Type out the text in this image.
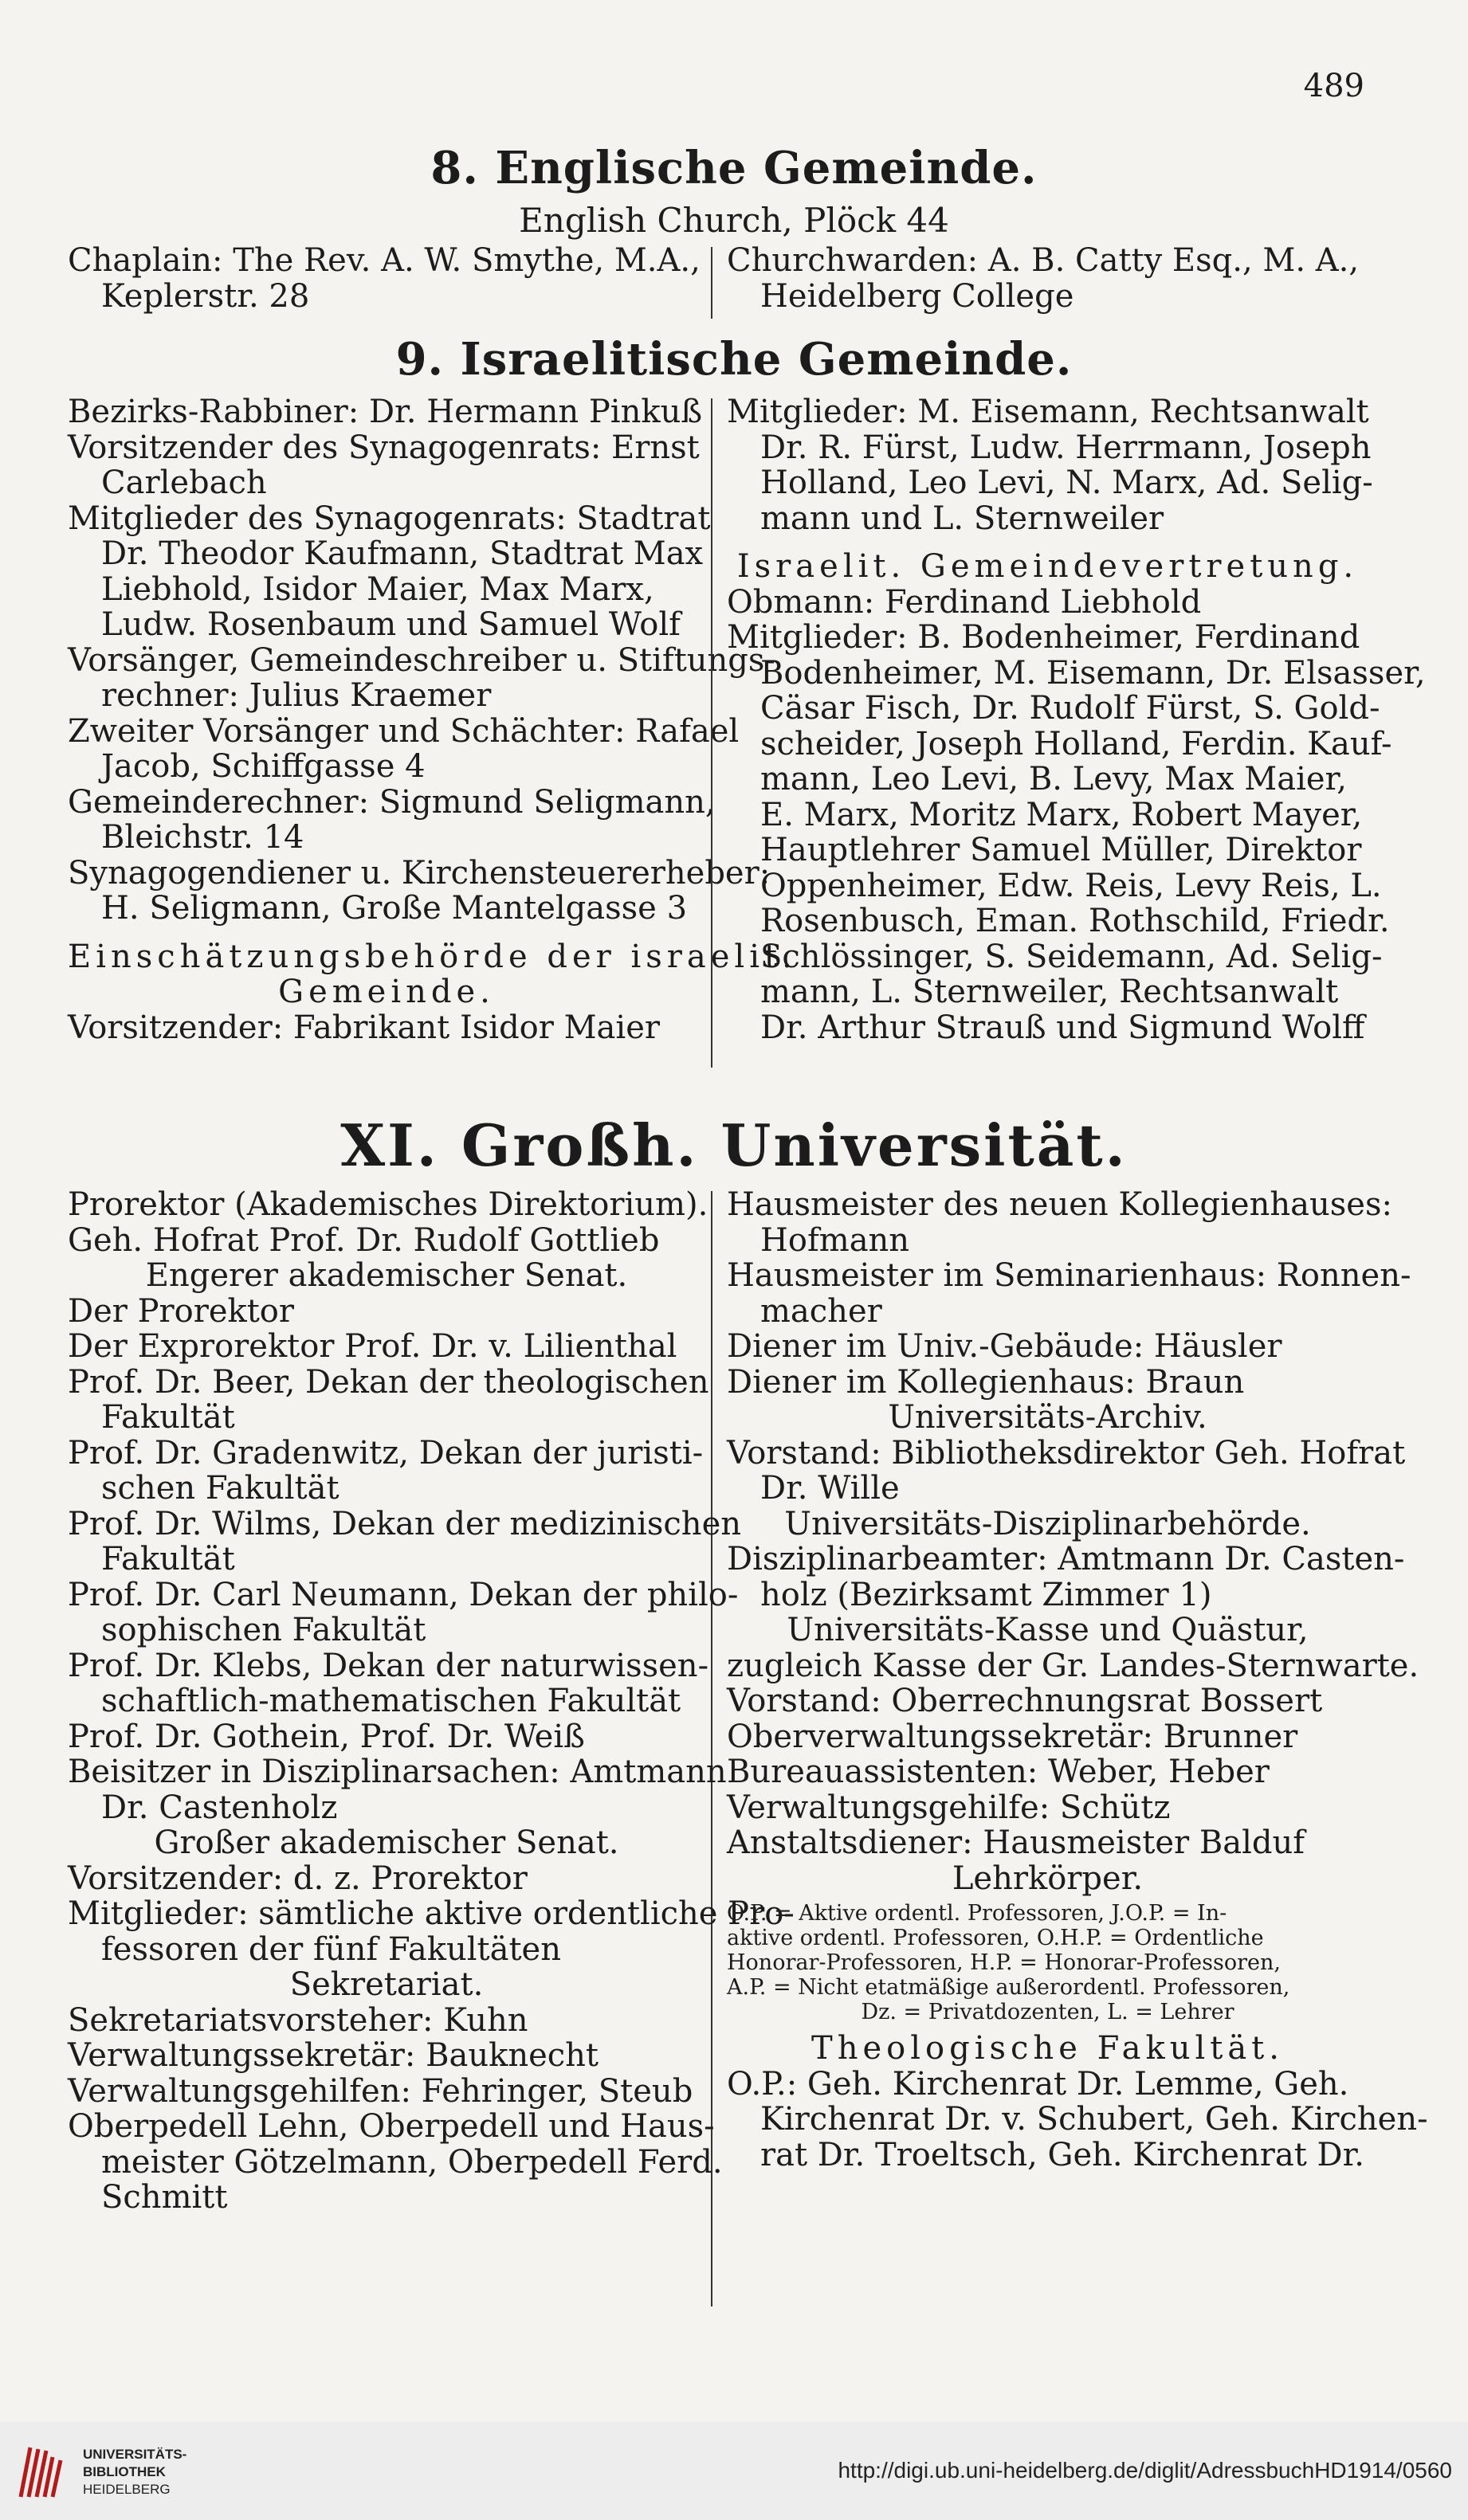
489
8. Englische Gemeinde.
English Church, Plöck 44
Chaplain: The Rev. A. W. Smythe, M.A.,
Keplerstr. 28
Churchwarden: A. B. Catty Esq., M. A.,
Heidelberg College
9. Israelitische Gemeinde.
Bezirks-Rabbiner: Dr. Hermann Pinkuß
Vorsitzender des Synagogenrats: Ernst
Carlebach
Mitglieder des Synagogenrats: Stadtrat
Dr. Theodor Kaufmann, Stadtrat Max
Liebhold, Isidor Maier, Max Marx,
Ludw. Rosenbaum und Samuel Wolf
Vorsänger, Gemeindeschreiber u. Stiftungs-
rechner: Julius Kraemer
Zweiter Vorsänger und Schächter: Rafael
Jacob, Schiffgasse 4
Gemeinderechner: Sigmund Seligmann,
Bleichstr. 14
Synagogendiener u. Kirchensteuererheber:
H. Seligmann, Große Mantelgasse 3
Einschätzungsbehörde der israelit.
Gemeinde.
Vorsitzender: Fabrikant Isidor Maier
Mitglieder: M. Eisemann, Rechtsanwalt
Dr. R. Fürst, Ludw. Herrmann, Joseph
Holland, Leo Levi, N. Marx, Ad. Selig-
mann und L. Sternweiler
Israelit. Gemeindevertretung.
Obmann: Ferdinand Liebhold
Mitglieder: B. Bodenheimer, Ferdinand
Bodenheimer, M. Eisemann, Dr. Elsasser,
Cäsar Fisch, Dr. Rudolf Fürst, S. Gold-
scheider, Joseph Holland, Ferdin. Kauf-
mann, Leo Levi, B. Levy, Max Maier,
E. Marx, Moritz Marx, Robert Mayer,
Hauptlehrer Samuel Müller, Direktor
Oppenheimer, Edw. Reis, Levy Reis, L.
Rosenbusch, Eman. Rothschild, Friedr.
Schlössinger, S. Seidemann, Ad. Selig-
mann, L. Sternweiler, Rechtsanwalt
Dr. Arthur Strauß und Sigmund Wolff
XI. Großh. Universität.
Prorektor (Akademisches Direktorium).
Geh. Hofrat Prof. Dr. Rudolf Gottlieb
Engerer akademischer Senat.
Der Prorektor
Der Exprorektor Prof. Dr. v. Lilienthal
Prof. Dr. Beer, Dekan der theologischen
Fakultät
Prof. Dr. Gradenwitz, Dekan der juristi-
schen Fakultät
Prof. Dr. Wilms, Dekan der medizinischen
Fakultät
Prof. Dr. Carl Neumann, Dekan der philo-
sophischen Fakultät
Prof. Dr. Klebs, Dekan der naturwissen-
schaftlich-mathematischen Fakultät
Prof. Dr. Gothein, Prof. Dr. Weiß
Beisitzer in Disziplinarsachen: Amtmann
Dr. Castenholz
Großer akademischer Senat.
Vorsitzender: d. z. Prorektor
Mitglieder: sämtliche aktive ordentliche Pro-
fessoren der fünf Fakultäten
Sekretariat.
Sekretariatsvorsteher: Kuhn
Verwaltungssekretär: Bauknecht
Verwaltungsgehilfen: Fehringer, Steub
Oberpedell Lehn, Oberpedell und Haus-
meister Götzelmann, Oberpedell Ferd.
Schmitt
Hausmeister des neuen Kollegienhauses:
Hofmann
Hausmeister im Seminarienhaus: Ronnen-
macher
Diener im Univ.-Gebäude: Häusler
Diener im Kollegienhaus: Braun
Universitäts-Archiv.
Vorstand: Bibliotheksdirektor Geh. Hofrat
Dr. Wille
Universitäts-Disziplinarbehörde.
Disziplinarbeamter: Amtmann Dr. Casten-
holz (Bezirksamt Zimmer 1)
Universitäts-Kasse und Quästur,
zugleich Kasse der Gr. Landes-Sternwarte.
Vorstand: Oberrechnungsrat Bossert
Oberverwaltungssekretär: Brunner
Bureauassistenten: Weber, Heber
Verwaltungsgehilfe: Schütz
Anstaltsdiener: Hausmeister Balduf
Lehrkörper.
O.P. = Aktive ordentl. Professoren, J.O.P. = In-
aktive ordentl. Professoren, O.H.P. = Ordentliche
Honorar-Professoren, H.P. = Honorar-Professoren,
A.P. = Nicht etatmäßige außerordentl. Professoren,
Dz. = Privatdozenten, L. = Lehrer
Theologische Fakultät.
O.P.: Geh. Kirchenrat Dr. Lemme, Geh.
Kirchenrat Dr. v. Schubert, Geh. Kirchen-
rat Dr. Troeltsch, Geh. Kirchenrat Dr.
UNIVERSITÄTS-
BIBLIOTHEK
HEIDELBERG
http://digi.ub.uni-heidelberg.de/diglit/AdressbuchHD1914/0560
